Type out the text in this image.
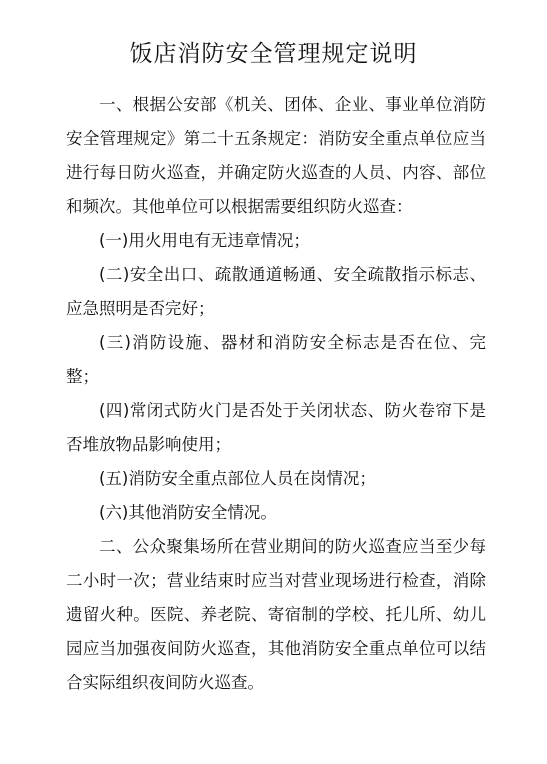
饭店消防安全管理规定说明

一、根据公安部《机关、团体、企业、事业单位消防安全管理规定》第二十五条规定：消防安全重点单位应当进行每日防火巡查，并确定防火巡查的人员、内容、部位和频次。其他单位可以根据需要组织防火巡查：

(一)用火用电有无违章情况；

(二)安全出口、疏散通道畅通、安全疏散指示标志、应急照明是否完好；

(三)消防设施、器材和消防安全标志是否在位、完整；

(四)常闭式防火门是否处于关闭状态、防火卷帘下是否堆放物品影响使用；

(五)消防安全重点部位人员在岗情况；

(六)其他消防安全情况。

二、公众聚集场所在营业期间的防火巡查应当至少每二小时一次；营业结束时应当对营业现场进行检查，消除遗留火种。医院、养老院、寄宿制的学校、托儿所、幼儿园应当加强夜间防火巡查，其他消防安全重点单位可以结合实际组织夜间防火巡查。
